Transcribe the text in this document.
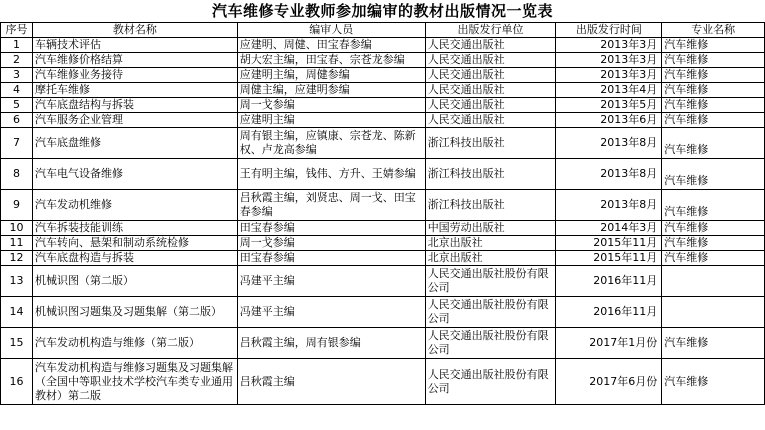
汽车维修专业教师参加编审的教材出版情况一览表
序号	教材名称	编审人员	出版发行单位	出版发行时间	专业名称
1	车辆技术评估	应建明、周健、田宝春参编	人民交通出版社	2013年3月	汽车维修
2	汽车维修价格结算	胡大宏主编，田宝春、宗苍龙参编	人民交通出版社	2013年3月	汽车维修
3	汽车维修业务接待	应建明主编，周健参编	人民交通出版社	2013年3月	汽车维修
4	摩托车维修	周健主编，应建明参编	人民交通出版社	2013年4月	汽车维修
5	汽车底盘结构与拆装	周一戈参编	人民交通出版社	2013年5月	汽车维修
6	汽车服务企业管理	应建明主编	人民交通出版社	2013年6月	汽车维修
7	汽车底盘维修	周有银主编，应镇康、宗苍龙、陈新权、卢龙高参编	浙江科技出版社	2013年8月	汽车维修
8	汽车电气设备维修	王有明主编，钱伟、方升、王婧参编	浙江科技出版社	2013年8月	汽车维修
9	汽车发动机维修	吕秋霞主编，刘贤忠、周一戈、田宝春参编	浙江科技出版社	2013年8月	汽车维修
10	汽车拆装技能训练	田宝春参编	中国劳动出版社	2014年3月	汽车维修
11	汽车转向、悬架和制动系统检修	周一戈参编	北京出版社	2015年11月	汽车维修
12	汽车底盘构造与拆装	田宝春参编	北京出版社	2015年11月	汽车维修
13	机械识图（第二版）	冯建平主编	人民交通出版社股份有限公司	2016年11月	
14	机械识图习题集及习题集解（第二版）	冯建平主编	人民交通出版社股份有限公司	2016年11月	
15	汽车发动机构造与维修（第二版）	吕秋霞主编，周有银参编	人民交通出版社股份有限公司	2017年1月份	汽车维修
16	汽车发动机构造与维修习题集及习题集解（全国中等职业技术学校汽车类专业通用教材）第二版	吕秋霞主编	人民交通出版社股份有限公司	2017年6月份	汽车维修
